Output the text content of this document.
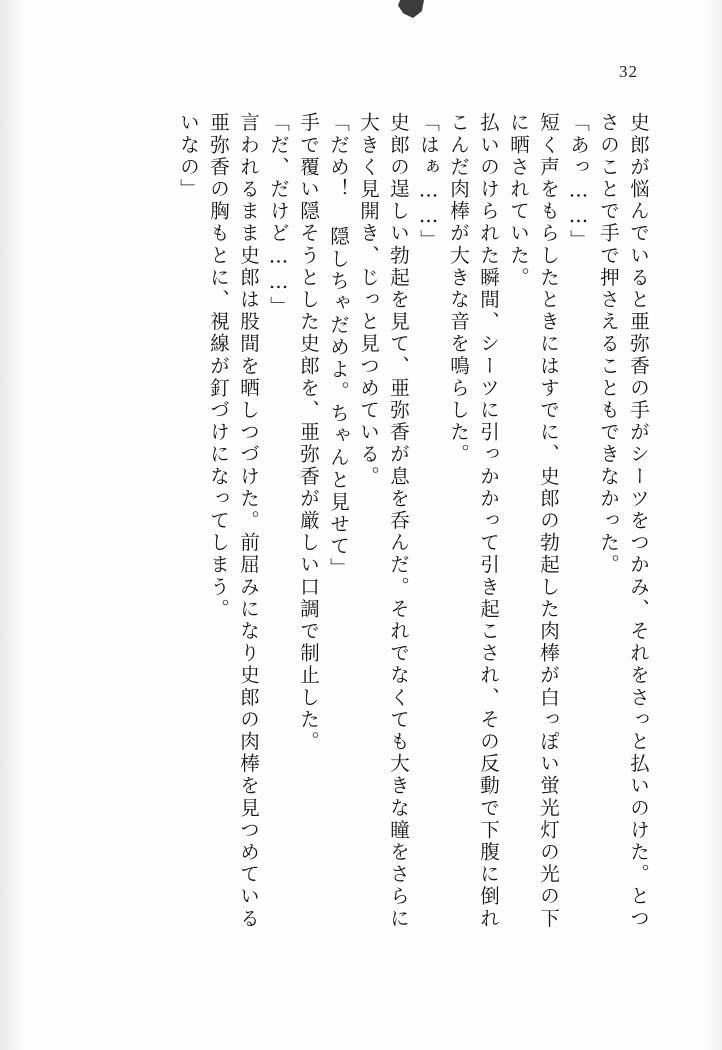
32
史郎が悩んでいると亜弥香の手がシーツをつかみ、それをさっと払いのけた。とつ
さのことで手で押さえることもできなかった。
「あっ……」
短く声をもらしたときにはすでに、史郎の勃起した肉棒が白っぽい蛍光灯の光の下
に晒されていた。
払いのけられた瞬間、シーツに引っかかって引き起こされ、その反動で下腹に倒れ
こんだ肉棒が大きな音を鳴らした。
「はぁ……」
史郎の逞しい勃起を見て、亜弥香が息を呑んだ。それでなくても大きな瞳をさらに
大きく見開き、じっと見つめている。
「だめ！ 隠しちゃだめよ。ちゃんと見せて」
手で覆い隠そうとした史郎を、亜弥香が厳しい口調で制止した。
「だ、だけど……」
言われるまま史郎は股間を晒しつづけた。前屈みになり史郎の肉棒を見つめている
亜弥香の胸もとに、視線が釘づけになってしまう。
いなの」
